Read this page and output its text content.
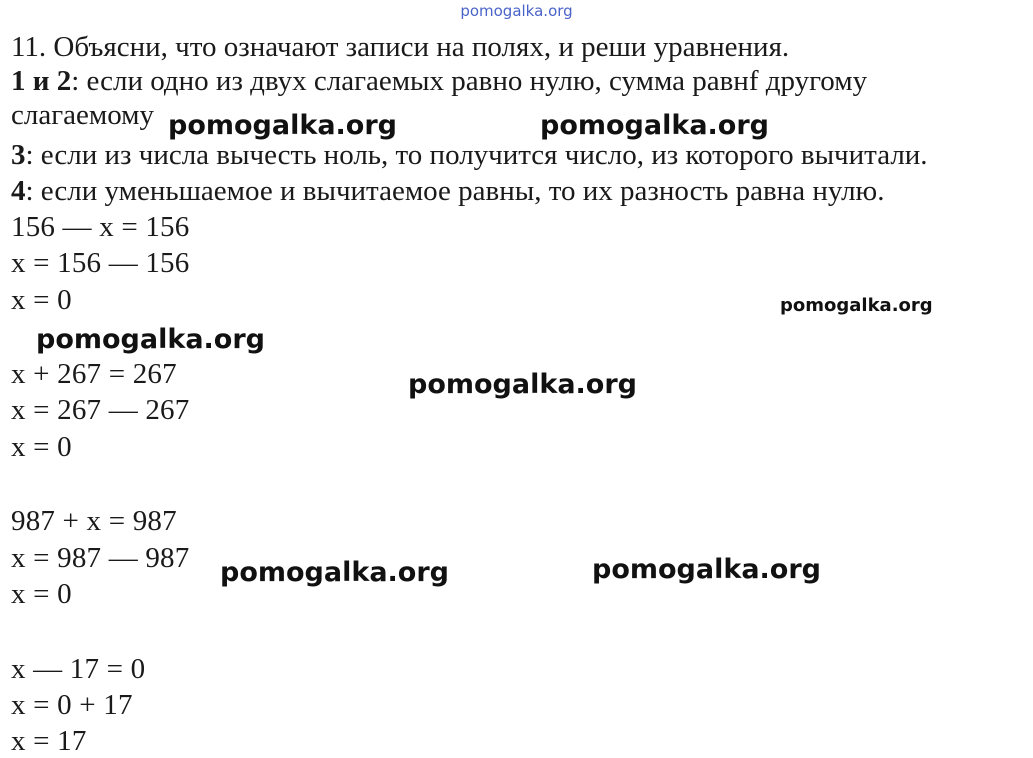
pomogalka.org
11. Объясни, что означают записи на полях, и реши уравнения.
1 и 2: если одно из двух слагаемых равно нулю, сумма равнf другому
слагаемому
3: если из числа вычесть ноль, то получится число, из которого вычитали.
4: если уменьшаемое и вычитаемое равны, то их разность равна нулю.
156 — x = 156
x = 156 — 156
x = 0
x + 267 = 267
x = 267 — 267
x = 0
987 + x = 987
x = 987 — 987
x = 0
x — 17 = 0
x = 0 + 17
x = 17
pomogalka.org	pomogalka.org
pomogalka.org
pomogalka.org
pomogalka.org
pomogalka.org	pomogalka.org
